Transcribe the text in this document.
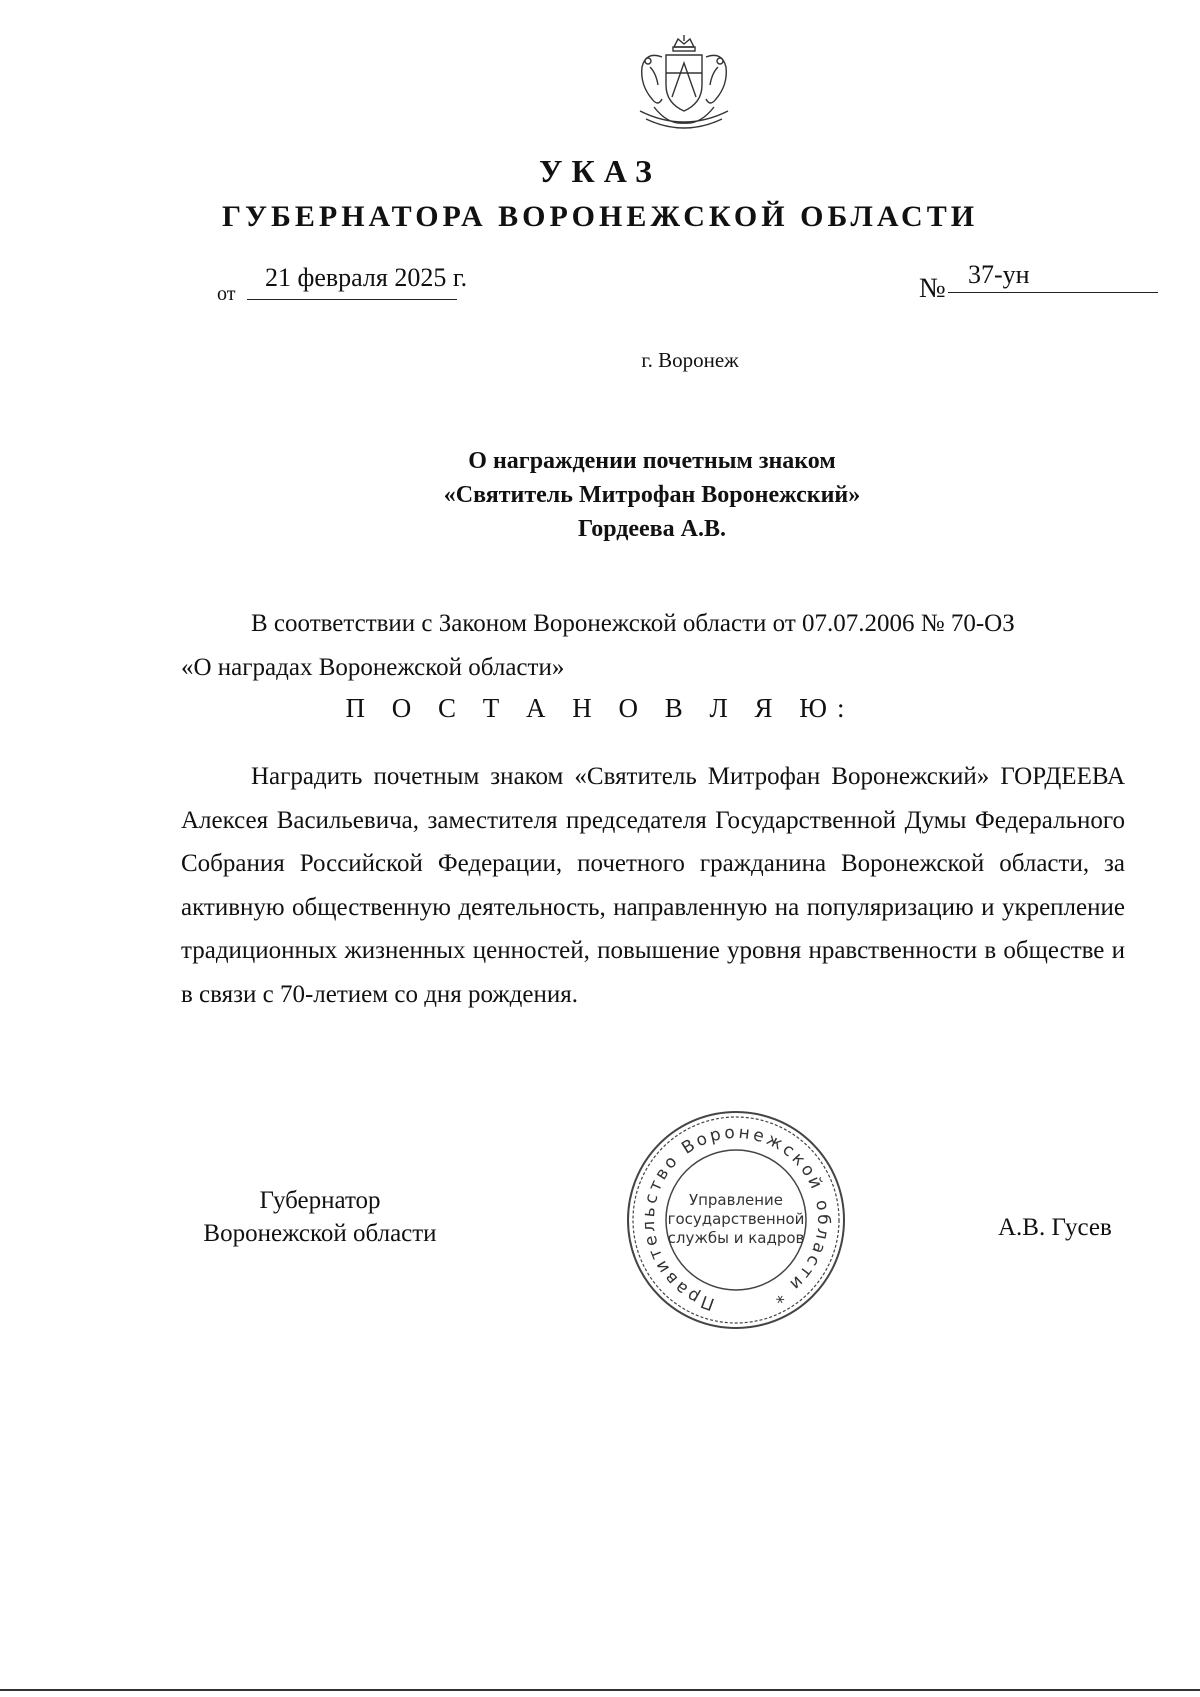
УКАЗ
ГУБЕРНАТОРА ВОРОНЕЖСКОЙ ОБЛАСТИ
от
21 февраля 2025 г.	№ 37-ун
г. Воронеж
О награждении почетным знаком
«Святитель Митрофан Воронежский»
Гордеева А.В.
В соответствии с Законом Воронежской области от 07.07.2006 № 70-ОЗ
«О наградах Воронежской области»
П О С Т А Н О В Л Я Ю:
Наградить почетным знаком «Святитель Митрофан Воронежский» ГОРДЕЕВА Алексея Васильевича, заместителя председателя Государственной Думы Федерального Собрания Российской Федерации, почетного гражданина Воронежской области, за активную общественную деятельность, направленную на популяризацию и укрепление традиционных жизненных ценностей, повышение уровня нравственности в обществе и в связи с 70-летием со дня рождения.
Губернатор
Воронежской области
Правительство Воронежской области *
Управление
государственной
службы и кадров	А.В. Гусев
